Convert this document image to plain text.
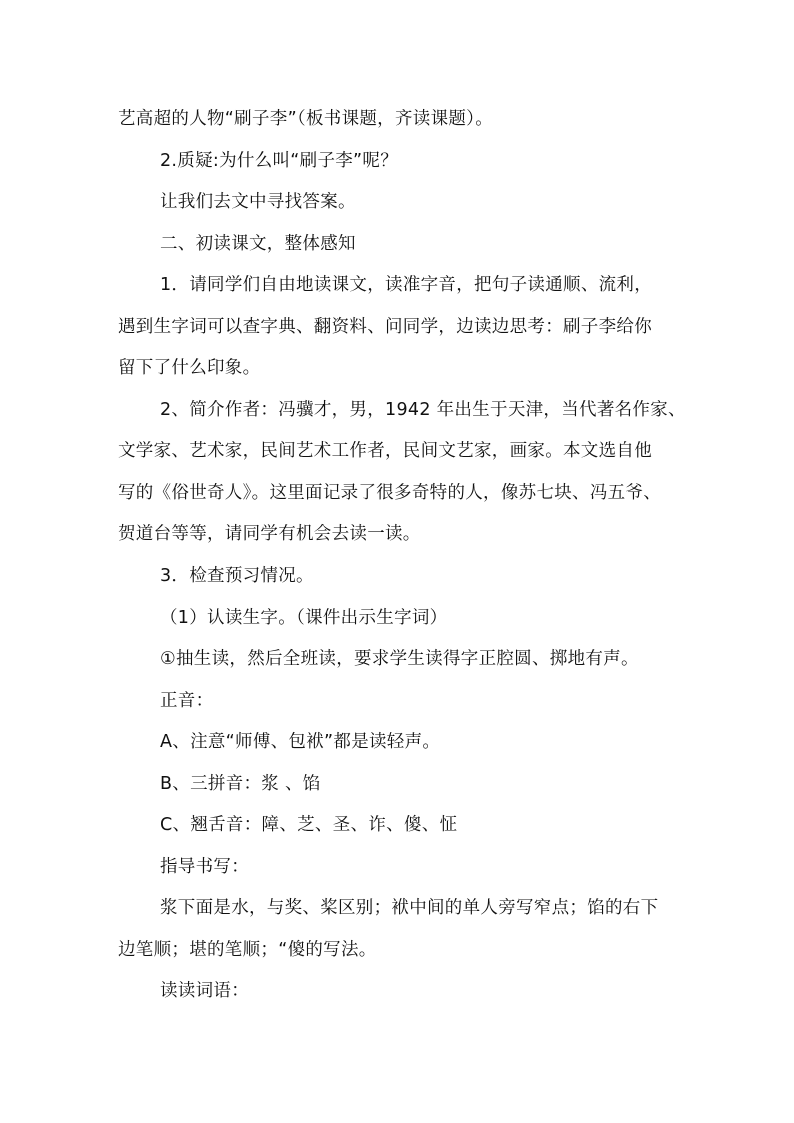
艺高超的人物“刷子李”（板书课题，齐读课题）。
2.质疑:为什么叫“刷子李”呢？
让我们去文中寻找答案。
二、初读课文，整体感知
1．请同学们自由地读课文，读准字音，把句子读通顺、流利，
遇到生字词可以查字典、翻资料、问同学，边读边思考：刷子李给你
留下了什么印象。
2、简介作者：冯骥才，男，1942 年出生于天津，当代著名作家、
文学家、艺术家，民间艺术工作者，民间文艺家，画家。本文选自他
写的《俗世奇人》。这里面记录了很多奇特的人，像苏七块、冯五爷、
贺道台等等，请同学有机会去读一读。
3．检查预习情况。
（1）认读生字。（课件出示生字词）
①抽生读，然后全班读，要求学生读得字正腔圆、掷地有声。
正音：
A、注意“师傅、包袱”都是读轻声。
B、三拼音：浆 、馅
C、翘舌音：障、芝、圣、诈、傻、怔
指导书写：
浆下面是水，与奖、桨区别；袱中间的单人旁写窄点；馅的右下
边笔顺；堪的笔顺；“傻的写法。
读读词语：
